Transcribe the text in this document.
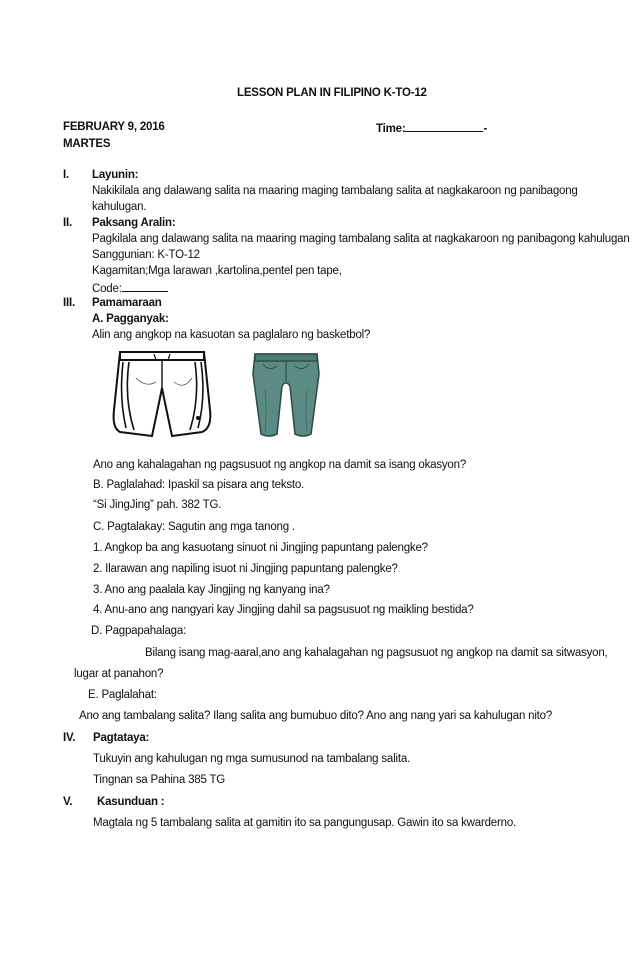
LESSON PLAN IN FILIPINO K-TO-12
FEBRUARY 9, 2016	Time:	-
MARTES
I. Layunin:
Nakikilala ang dalawang salita na maaring maging tambalang salita at nagkakaroon ng panibagong
kahulugan.
II. Paksang Aralin:
Pagkilala ang dalawang salita na maaring maging tambalang salita at nagkakaroon ng panibagong kahulugan
Sanggunian: K-TO-12
Kagamitan;Mga larawan ,kartolina,pentel pen tape,
Code:
III. Pamamaraan
A. Pagganyak:
Alin ang angkop na kasuotan sa paglalaro ng basketbol?
Ano ang kahalagahan ng pagsusuot ng angkop na damit sa isang okasyon?
B. Paglalahad: Ipaskil sa pisara ang teksto.
“Si JingJing” pah. 382 TG.
C. Pagtalakay: Sagutin ang mga tanong .
1. Angkop ba ang kasuotang sinuot ni Jingjing papuntang palengke?
2. Ilarawan ang napiling isuot ni Jingjing papuntang palengke?
3. Ano ang paalala kay Jingjing ng kanyang ina?
4. Anu-ano ang nangyari kay Jingjing dahil sa pagsusuot ng maikling bestida?
D. Pagpapahalaga:
Bilang isang mag-aaral,ano ang kahalagahan ng pagsusuot ng angkop na damit sa sitwasyon,
lugar at panahon?
E. Paglalahat:
Ano ang tambalang salita? Ilang salita ang bumubuo dito? Ano ang nang yari sa kahulugan nito?
IV. Pagtataya:
Tukuyin ang kahulugan ng mga sumusunod na tambalang salita.
Tingnan sa Pahina 385 TG
V. Kasunduan :
Magtala ng 5 tambalang salita at gamitin ito sa pangungusap. Gawin ito sa kwarderno.
